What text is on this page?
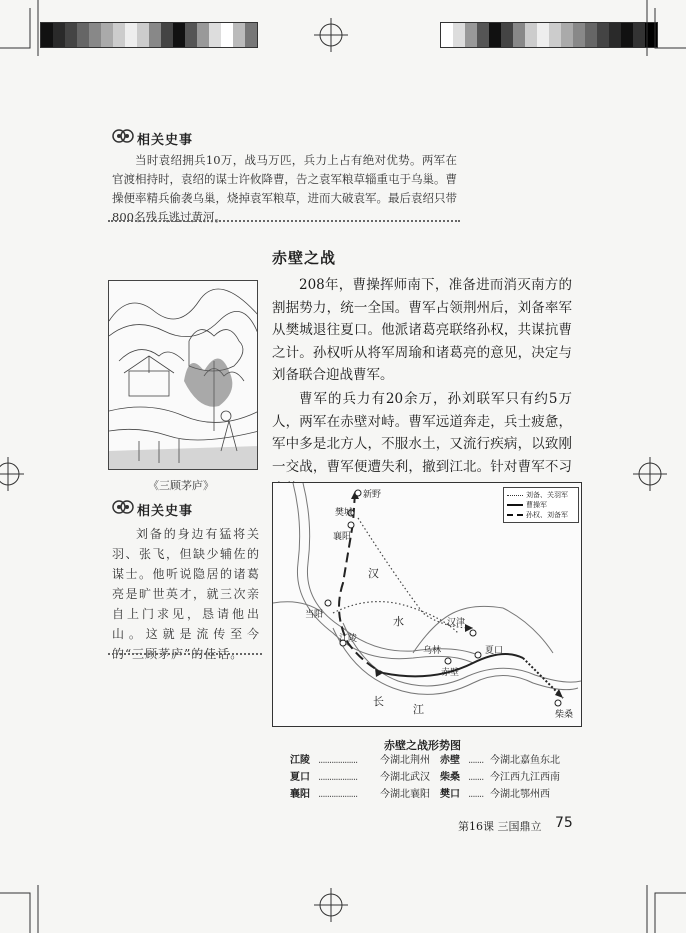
相关史事
当时袁绍拥兵10万，战马万匹，兵力上占有绝对优势。两军在官渡相持时，袁绍的谋士许攸降曹，告之袁军粮草辎重屯于乌巢。曹操便率精兵偷袭乌巢，烧掉袁军粮草，进而大破袁军。最后袁绍只带800名残兵逃过黄河。
《三顾茅庐》
相关史事
刘备的身边有猛将关羽、张飞，但缺少辅佐的谋士。他听说隐居的诸葛亮是旷世英才，就三次亲自上门求见，恳请他出山。这就是流传至今的“三顾茅庐”的佳话。
赤壁之战
208年，曹操挥师南下，准备进而消灭南方的割据势力，统一全国。曹军占领荆州后，刘备率军从樊城退往夏口。他派诸葛亮联络孙权，共谋抗曹之计。孙权听从将军周瑜和诸葛亮的意见，决定与刘备联合迎战曹军。
曹军的兵力有20余万，孙刘联军只有约5万人，两军在赤壁对峙。曹军远道奔走，兵士疲惫，军中多是北方人，不服水土，又流行疾病，以致刚一交战，曹军便遭失利，撤到江北。针对曹军不习
新野
樊城
襄阳
当阳
江陵
汉津
夏口
赤壁
乌林
柴桑
汉
水
长
江
刘备、关羽军
曹操军
孙权、刘备军
赤壁之战形势图
江陵 ..................	今湖北荆州 赤壁 ....... 今湖北嘉鱼东北
夏口 ..................	今湖北武汉 柴桑 ....... 今江西九江西南
襄阳 ..................	今湖北襄阳 樊口 ....... 今湖北鄂州西
第16课 三国鼎立 75
